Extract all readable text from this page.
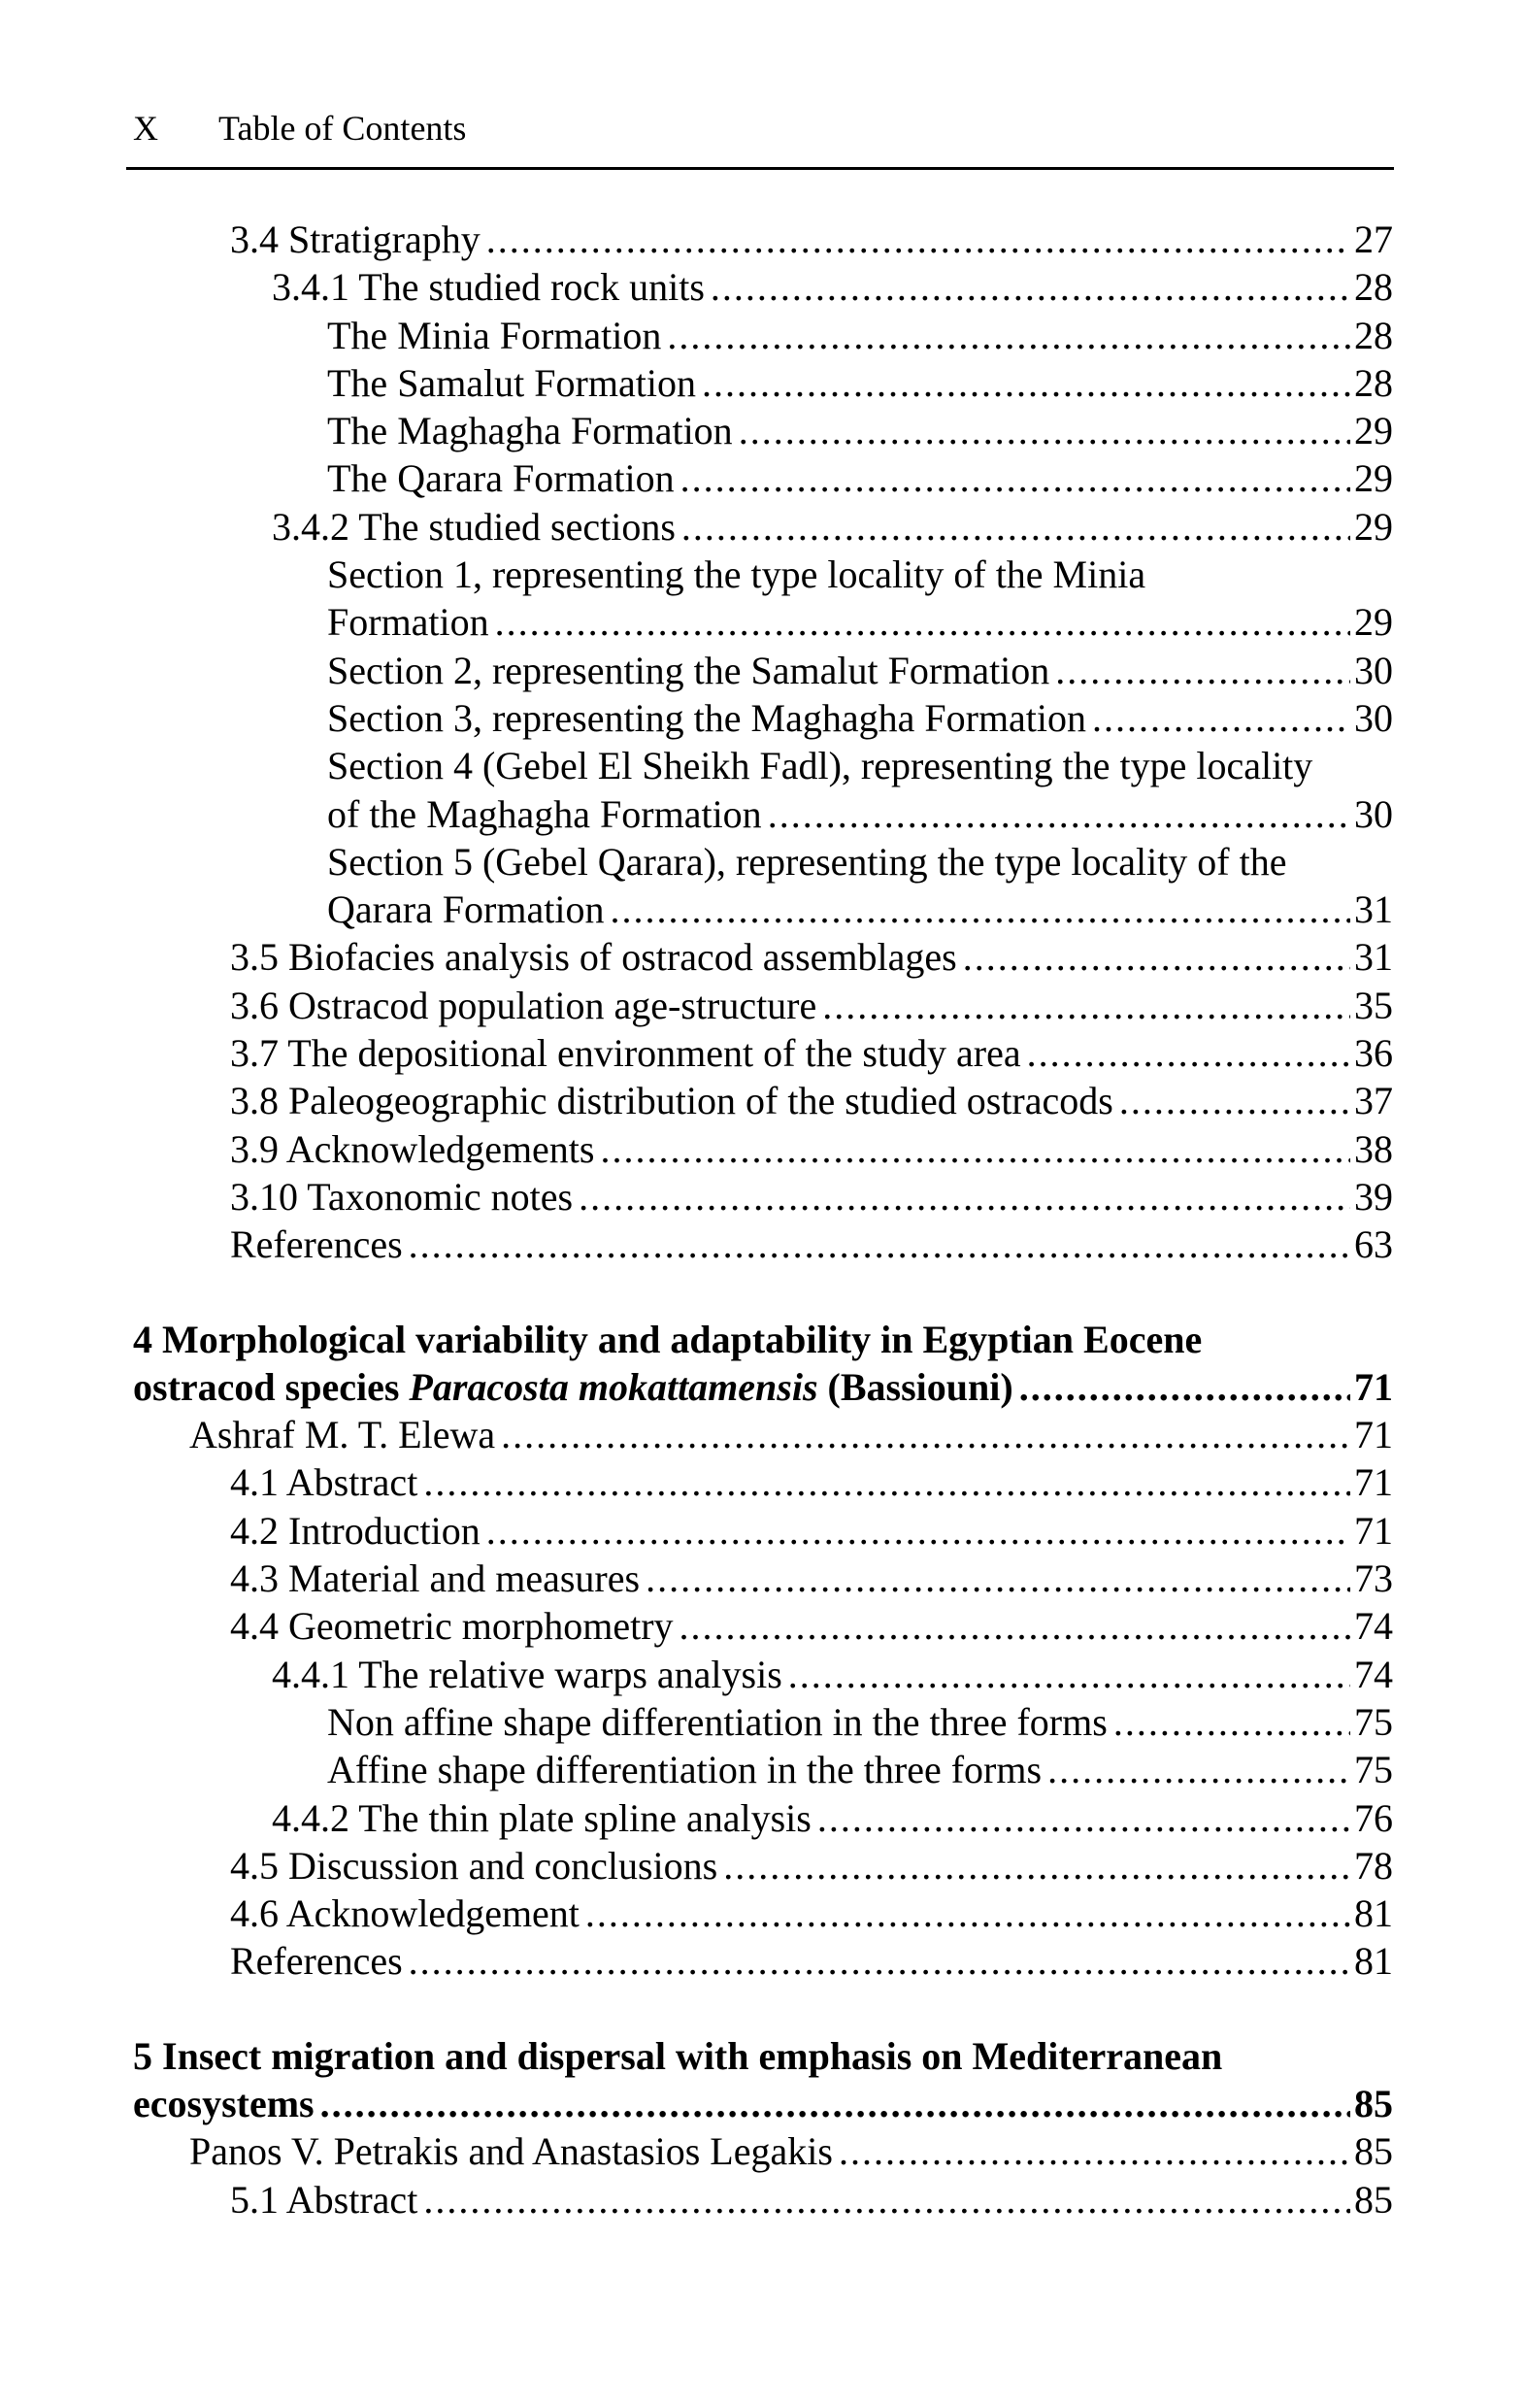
X Table of Contents
3.4 Stratigraphy . . .	27
3.4.1 The studied rock units . . .	28
The Minia Formation . . .	28
The Samalut Formation . . .	28
The Maghagha Formation . . .	29
The Qarara Formation . . .	29
3.4.2 The studied sections . . .	29
Section 1, representing the type locality of the Minia
Formation . . .	29
Section 2, representing the Samalut Formation . . .	30
Section 3, representing the Maghagha Formation . . .	30
Section 4 (Gebel El Sheikh Fadl), representing the type locality
of the Maghagha Formation . . .	30
Section 5 (Gebel Qarara), representing the type locality of the
Qarara Formation . . .	31
3.5 Biofacies analysis of ostracod assemblages . . .	31
3.6 Ostracod population age-structure . . .	35
3.7 The depositional environment of the study area . . .	36
3.8 Paleogeographic distribution of the studied ostracods . . .	37
3.9 Acknowledgements . . .	38
3.10 Taxonomic notes . . .	39
References . . .	63
4 Morphological variability and adaptability in Egyptian Eocene
ostracod species Paracosta mokattamensis (Bassiouni) . . .	71
Ashraf M. T. Elewa . . .	71
4.1 Abstract . . .	71
4.2 Introduction . . .	71
4.3 Material and measures . . .	73
4.4 Geometric morphometry . . .	74
4.4.1 The relative warps analysis . . .	74
Non affine shape differentiation in the three forms . . .	75
Affine shape differentiation in the three forms . . .	75
4.4.2 The thin plate spline analysis . . .	76
4.5 Discussion and conclusions . . .	78
4.6 Acknowledgement . . .	81
References . . .	81
5 Insect migration and dispersal with emphasis on Mediterranean
ecosystems . . .	85
Panos V. Petrakis and Anastasios Legakis . . .	85
5.1 Abstract . . .	85
